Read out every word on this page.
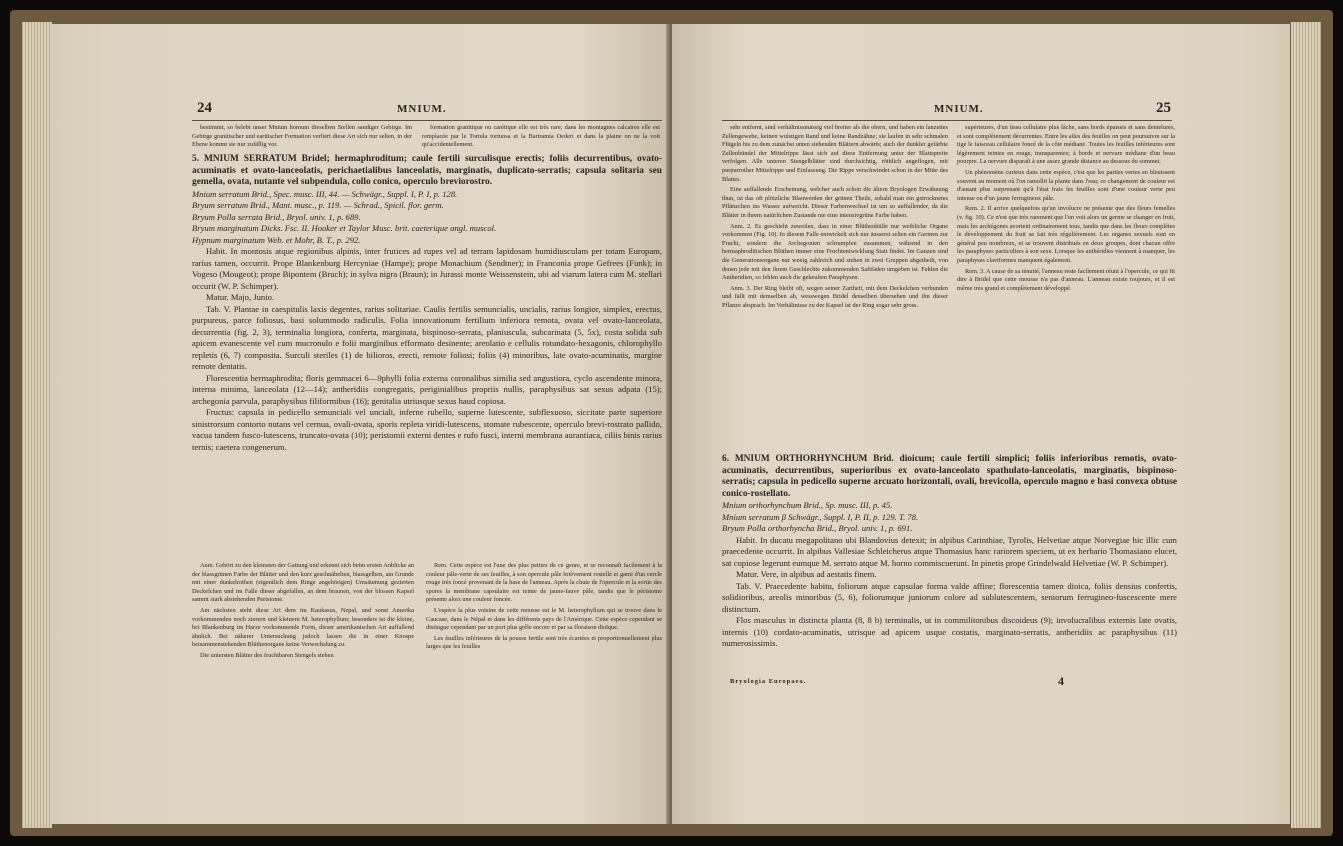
24	MNIUM.

bestimmt, so belebt unser Mnium hornum dieselben Stellen sandiger Gebirge. Im Gebirge granitischer und earitischer Formation verliert diese Art sich nur selten, in der Ebene kommt sie nur zufällig vor.

formation granitique ou carétique elle est très rare; dans les montagnes calcaires elle est remplacée par le Tortula tortuosa et la Bartramia Oederi et dans la plaine on ne la voit qu'accidentellement.

5. MNIUM SERRATUM Bridel; hermaphroditum; caule fertili surculisque erectis; foliis decurrentibus, ovato-acuminatis et ovato-lanceolatis, perichaetialibus lanceolatis, marginatis, duplicato-serratis; capsula solitaria seu gemella, ovata, nutante vel subpendula, collo conico, operculo breviorostro.

Mnium serratum Brid., Spec. musc. III, 44. — Schwägr., Suppl. I, P. I, p. 128.

Bryum serratum Brid., Mant. musc., p. 119. — Schrad., Spicil. flor. germ.

Bryum Polla serrata Brid., Bryol. univ. 1, p. 689.

Bryum marginatum Dicks. Fsc. II. Hooker et Taylor Musc. brit. caeterique angl. muscol.

Hypnum marginatum Web. et Mohr, B. T., p. 292.

Habit. In montosis atque regionibus alpinis, inter frutices ad rupes vel ad terram lapidosam humidiusculam per totam Europam, rarius tamen, occurrit. Prope Blankenburg Hercyniae (Hampe); prope Monachium (Sendtner); in Franconia prope Gefrees (Funk); in Vogeso (Mougeot); prope Bipontem (Bruch); in sylva nigra (Braun); in Jurassi monte Weissenstein, ubi ad viarum latera cum M. stellari occurit (W. P. Schimper).

Matur. Majo, Junio.

Tab. V. Plantae in caespitulis laxis degentes, rarius solitariae. Caulis fertilis semuncialis, uncialis, rarius longior, simplex, erectus, purpureus, parce foliosus, basi solummodo radiculis. Folia innovationum fertilium inferiora remota, ovata vel ovato-lanceolata, decurrentia (fig. 2, 3), terminalia longiora, conferta, marginata, bispinoso-serrata, planiuscula, subcarinata (5, 5x), costa solida sub apicem evanescente vel cum mucronulo e folii marginibus efformato desinente; areolatio e cellulis rotundato-hexagonis, chlorophyllo repletis (6, 7) composita. Surculi steriles (1) de bilioros, erecti, remote foliosi; foliis (4) minoribus, late ovato-acuminatis, margine remote dentatis.

Florescentia hermaphrodita; floris gemmacei 6—9phylli folia externa coronalibus similia sed angustiora, cyclo ascendente minora, interna minima, lanceolata (12—14); antheridiis congregatis, periginialibus propriis nullis, paraphysibus sat sexus adpata (15); archegonia parvula, paraphysibus filiformibus (16); genitalia utriusque sexus haud copiosa.

Fructus: capsula in pedicello semunciali vel unciali, inferne rubello, superne lutescente, subflexuoso, siccitate parte superiore sinistrorsum contorto nutans vel cernua, ovali-ovata, sporis repleta viridi-lutescens, stomate rubescente, operculo brevi-rostrato pallido, vacua tandem fusco-lutescens, truncato-ovata (10); peristomii externi dentes e rufo fusci, interni membrana aurantiaca, ciliis binis rarius ternis; caetera congenerum.

Anm. Gehört zu den kleinsten der Gattung und erkennt sich beim ersten Anblicke an der blassgrünen Farbe der Blätter und den kurz geschnäbelten, blassgelben, am Grunde mit einer dunkelrothen (eigentlich dem Ringe angehörigen) Umsäumung gezierten Deckelchen und im Falle dieser abgefallen, an dem braunen, von der blossen Kapsel sammt stark abstehenden Peristome.

Am nächsten steht diese Art dem im Kaukasus, Nepal, und sonst Amerika vorkommenden noch zierern und kleinern M. heterophyllum; besonders ist die kleine, bei Blankenburg im Harze vorkommende Form, dieser amerikanischen Art auffallend ähnlich. Bei näherer Untersuchung jedoch lassen die in einer Knospe beisammenstehenden Blüthenorgane keine Verwechslung zu.

Die untersten Blätter des fruchtbaren Stengels stehen

Rem. Cette espèce est l'une des plus petites de ce genre, et se reconnaît facilement à la couleur pâle-verte de ses feuilles, à son opercule pâle brièvement rostellé et garni d'un cercle rouge très foncé provenant de la base de l'anneau. Après la chute de l'opercule et la sortie des spores la membrane capsulaire est teinte de jaune-fauve pâle, tandis que le péristome présente alors une couleur foncée.

L'espèce la plus voisine de cette mousse est le M. heterophyllum qui se trouve dans le Caucase, dans le Népal et dans les différents pays de l'Amérique. Cette espèce cependant se distingue cependant par un port plus grêle encore et par sa floraison dioïque.

Les feuilles inférieures de la pousse fertile sont très écartées et proportionnellement plus larges que les feuilles

MNIUM.	25

sehr entfernt, sind verhältnissmässig viel breiter als die obern, und haben ein lanzettes Zellengewebe, keinen wulstigen Rand und keine Randzähne; sie laufen in sehr schmalen Flügeln bis zu dem zunächst unten stehenden Blättern abwärts; auch der dunkler gefärbte Zellenbündel der Mittelrippe lässt sich auf diese Entfernung unter der Blattspreite verfolgen. Alle unteren Stengelblätter sind durchsichtig, röthlich angeflogen, mit purpurrother Mittelrippe und Einfassung. Die Rippe verschwindet schon in der Mitte des Blattes.

Eine auffallende Erscheinung, welcher auch schon die ältern Bryologen Erwähnung thun, ist das oft plötzliche Blauwerden der grünen Theile, sobald man ein getrocknetes Pflänzchen ins Wasser aufweicht. Dieser Farbenwechsel ist um so auffallender, da die Blätter in ihrem natürlichen Zustande nie eine intensivgrüne Farbe haben.

Anm. 2. Es geschieht zuweilen, dass in einer Blüthenhülle nur weibliche Organe vorkommen (Fig. 10). In diesem Falle entwickelt sich nur äusserst selten ein Germen zur Frucht, sondern die Archegonien schrumpfen zusammen, während in den hermaphroditischen Blüthen immer eine Fruchtentwicklung Statt findet. Im Ganzen sind die Generationsorgane nur wenig zahlreich und stehen in zwei Gruppen abgetheilt, von denen jede mit den ihrem Geschlechte zukommenden Saftfäden umgeben ist. Fehlen die Antheridien, so fehlen auch die gekeulten Paraphysen.

Anm. 3. Der Ring bleibt oft, wegen seiner Zartheit, mit dem Deckelchen verbunden und fällt mit demselben ab, wesswegen Bridel denselben übersehen und ihn dieser Pflanze absprach. Im Verhältnisse zu der Kapsel ist der Ring sogar sehr gross.

supérieures, d'un tissu cellulaire plus lâche, sans bords épaissis et sans dentelures, et sont complètement décurrentes. Entre les ailes des feuilles on peut poursuivre sur la tige le faisceau cellulaire foncé de la côte médiane. Toutes les feuilles inférieures sont légèrement teintes en rouge, transparentes; à bords et nervure médiane d'un beau pourpre. La nervure disparaît à une assez grande distance au dessous du sommet.

Un phénomène curieux dans cette espèce, c'est que les parties vertes en bleuissent souvent au moment où l'on ramollit la plante dans l'eau; ce changement de couleur est d'autant plus surprenant qu'à l'état frais les feuilles sont d'une couleur verte peu intense ou d'un jaune ferrugineux pâle.

Rem. 2. Il arrive quelquefois qu'un involucre ne présente que des fleurs femelles (v. fig. 10). Ce n'est que très rarement que l'on voit alors un germe se changer en fruit, mais les archégones avortent ordinairement tous, tandis que dans les fleurs complètes le développement du fruit se fait très régulièrement. Les organes sexuels sont en général peu nombreux, et se trouvent distribués en deux groupes, dont chacun offre les paraphyses particuliers à son sexe. Lorsque les anthéridies viennent à manquer, les paraphyses claviformes manquent également.

Rem. 3. A cause de sa ténuité, l'anneau reste facilement réuni à l'opercule, ce qui fit dire à Bridel que cette mousse n'a pas d'anneau. L'anneau existe toujours, et il est même très grand et complètement développé.

6. MNIUM ORTHORHYNCHUM Brid. dioicum; caule fertili simplici; foliis inferioribus remotis, ovato-acuminatis, decurrentibus, superioribus ex ovato-lanceolato spathulato-lanceolatis, marginatis, bispinoso-serratis; capsula in pedicello superne arcuato horizontali, ovali, brevicolla, operculo magno e basi convexa obtuse conico-rostellato.

Mnium orthorhynchum Brid., Sp. musc. III, p. 45.

Mnium serratum β Schwägr., Suppl. I, P. II, p. 129. T. 78.

Bryum Polla orthorhyncha Brid., Bryol. univ. 1, p. 691.

Habit. In ducatu megapolitano ubi Blandovius detexit; in alpibus Carinthiae, Tyrolis, Helvetiae atque Norvegiae hic illic cum praecedente occurrit. In alpibus Vallesiae Schleicherus atque Thomasius hanc rariorem speciem, ut ex herbario Thomasiano elucet, sat copiose legerunt eumque M. serrato atque M. horno commiscuerunt. In pinetis prope Grindelwald Helvetiae (W. P. Schimper).

Matur. Vere, in alpibus ad aestatis finem.

Tab. V. Praecedente habitu, foliorum atque capsulae forma valde affine; florescentia tamen dioica, foliis densius confertis, solidioribus, areolis minoribus (5, 6), foliorumque juniorum colore ad sublutescentem, seniorum ferrugineo-fuscescente mere distinctum.

Flos masculus in distincta planta (8, 8 b) terminalis, ut in commilitonibus discoideus (9); involucralibus externis late ovatis, internis (10) cordato-acuminatis, utrisque ad apicem usque costatis, marginato-serratis, antheridiis ac paraphysibus (11) numerosissimis.

Bryologia Europaea.	4
